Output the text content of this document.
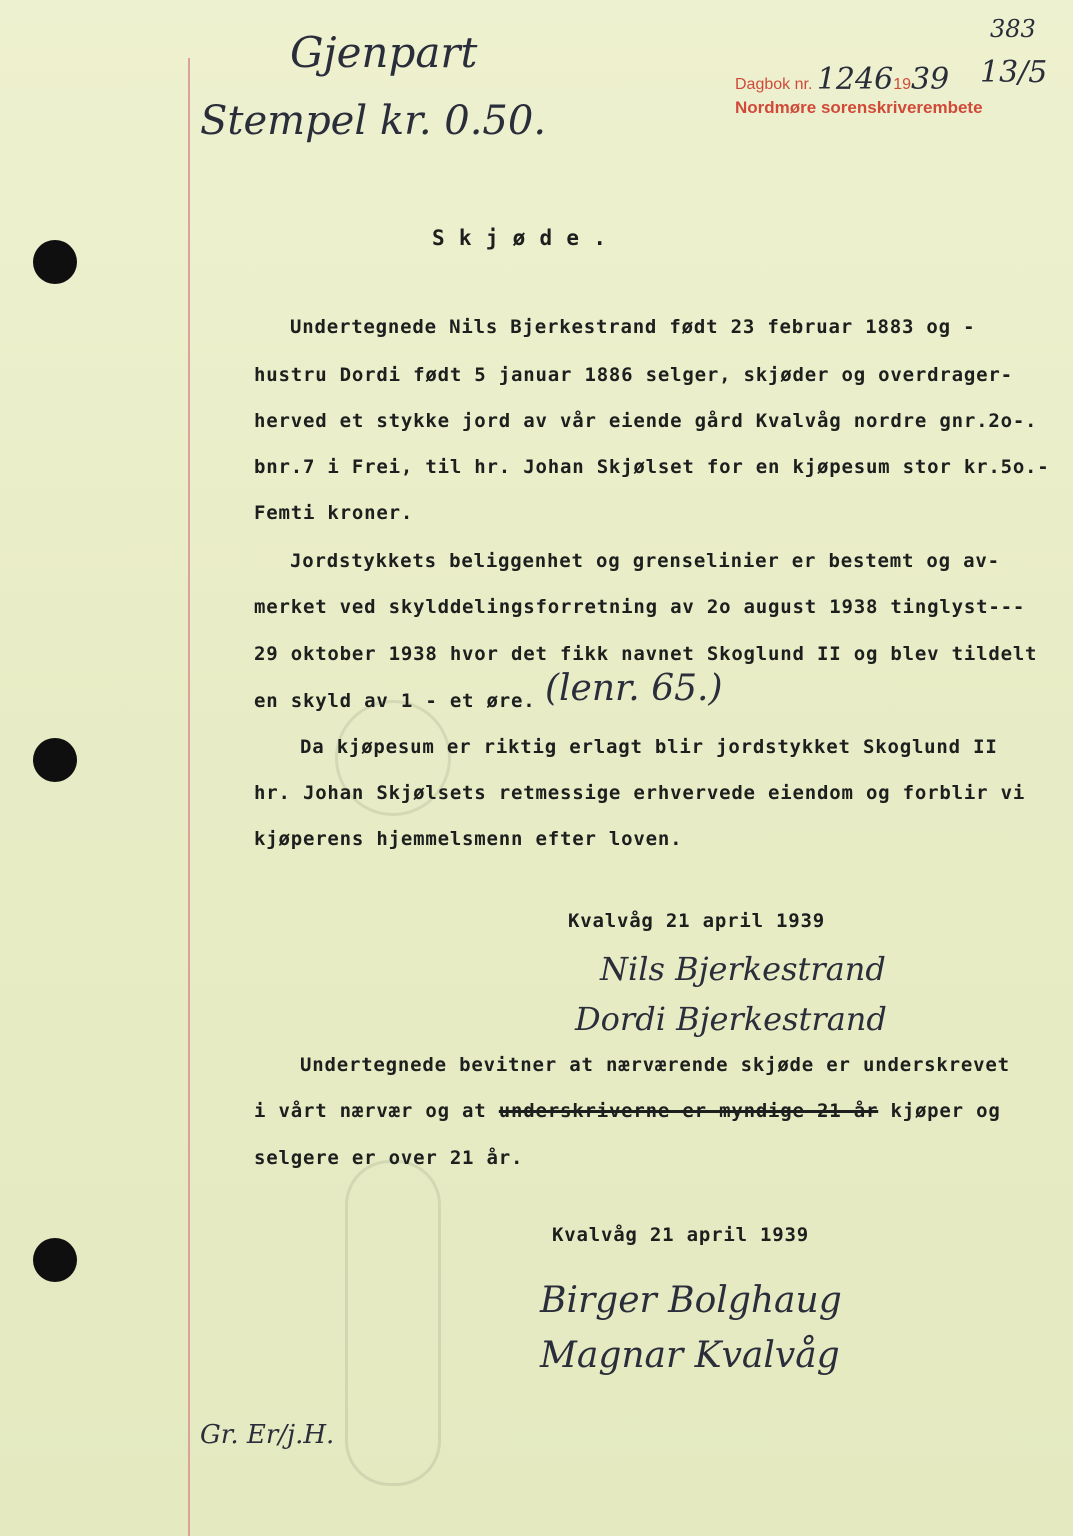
Gjenpart
Stempel kr. 0.50.
Dagbok nr. 12461939 13/5
383
Nordmøre sorenskriverembete
S k j ø d e .
Undertegnede Nils Bjerkestrand født 23 februar 1883 og -
hustru Dordi født 5 januar 1886 selger, skjøder og overdrager-
herved et stykke jord av vår eiende gård Kvalvåg nordre gnr.2o-.
bnr.7 i Frei, til hr. Johan Skjølset for en kjøpesum stor kr.5o.-
Femti kroner.
Jordstykkets beliggenhet og grenselinier er bestemt og av-
merket ved skylddelingsforretning av 2o august 1938 tinglyst---
29 oktober 1938 hvor det fikk navnet Skoglund II og blev tildelt
en skyld av 1 - et øre. (lenr. 65.)
Da kjøpesum er riktig erlagt blir jordstykket Skoglund II
hr. Johan Skjølsets retmessige erhvervede eiendom og forblir vi
kjøperens hjemmelsmenn efter loven.
Kvalvåg 21 april 1939
Nils Bjerkestrand
Dordi Bjerkestrand
Undertegnede bevitner at nærværende skjøde er underskrevet
i vårt nærvær og at underskriverne er myndige 21 år kjøper og
selgere er over 21 år.
Kvalvåg 21 april 1939
Birger Bolghaug
Magnar Kvalvåg
Gr. Er/j.H.
